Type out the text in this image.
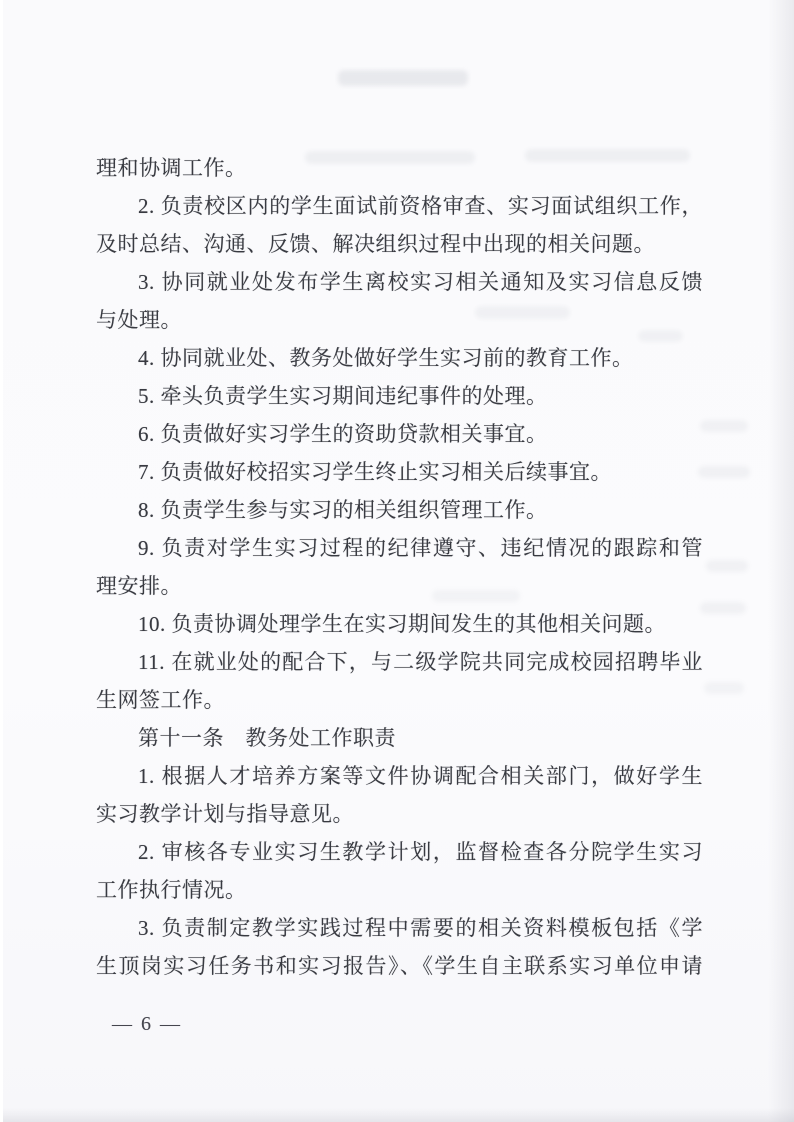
理和协调工作。
2. 负责校区内的学生面试前资格审查、实习面试组织工作，
及时总结、沟通、反馈、解决组织过程中出现的相关问题。
3. 协同就业处发布学生离校实习相关通知及实习信息反馈
与处理。
4. 协同就业处、教务处做好学生实习前的教育工作。
5. 牵头负责学生实习期间违纪事件的处理。
6. 负责做好实习学生的资助贷款相关事宜。
7. 负责做好校招实习学生终止实习相关后续事宜。
8. 负责学生参与实习的相关组织管理工作。
9. 负责对学生实习过程的纪律遵守、违纪情况的跟踪和管
理安排。
10. 负责协调处理学生在实习期间发生的其他相关问题。
11. 在就业处的配合下，与二级学院共同完成校园招聘毕业
生网签工作。
第十一条　教务处工作职责
1. 根据人才培养方案等文件协调配合相关部门，做好学生
实习教学计划与指导意见。
2. 审核各专业实习生教学计划，监督检查各分院学生实习
工作执行情况。
3. 负责制定教学实践过程中需要的相关资料模板包括《学
生顶岗实习任务书和实习报告》、《学生自主联系实习单位申请
— 6 —
